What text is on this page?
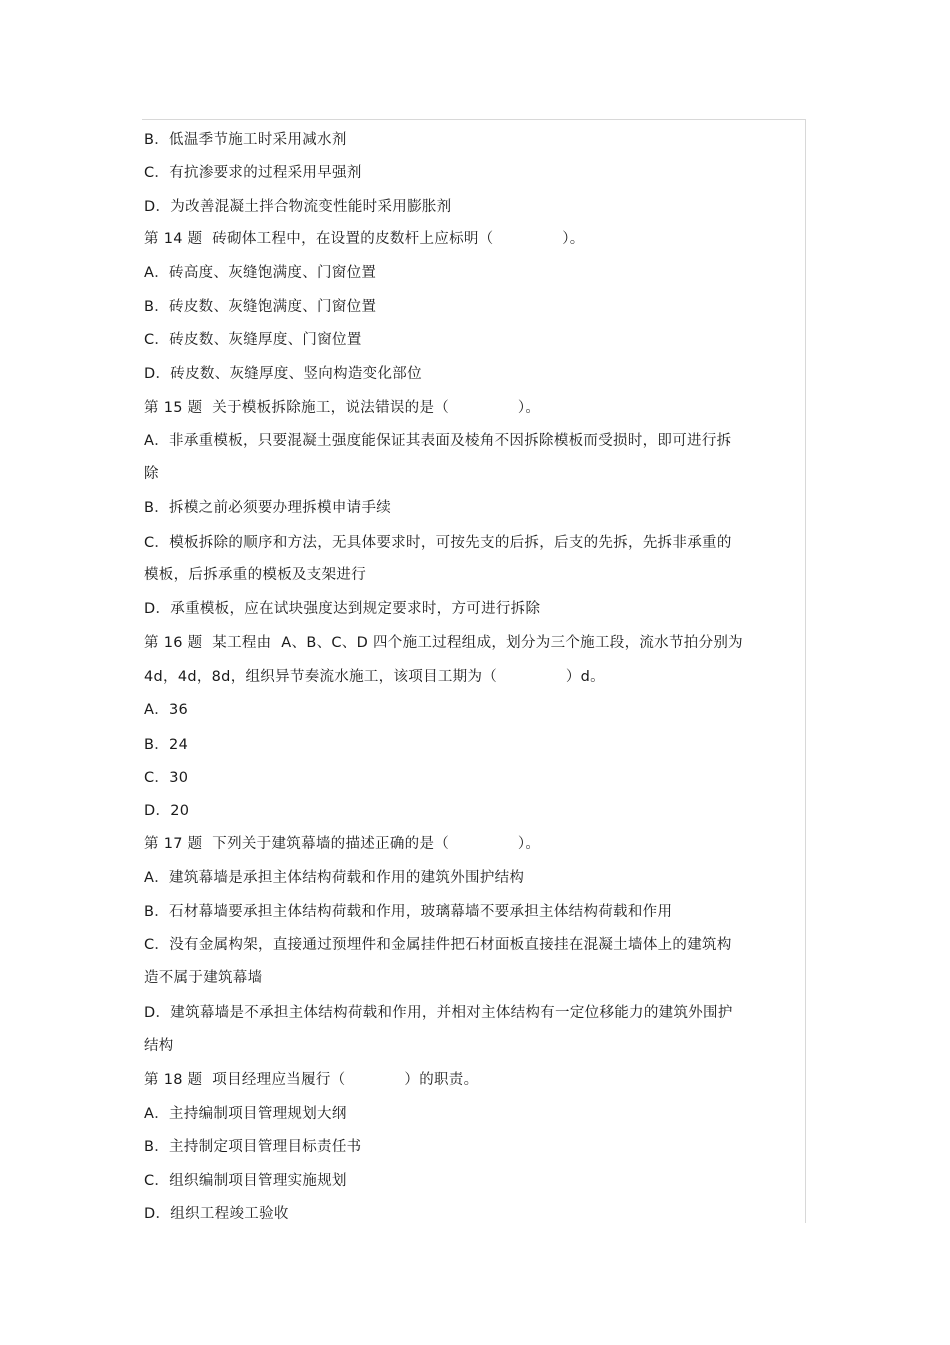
B．低温季节施工时采用减水剂
C．有抗渗要求的过程采用早强剂
D．为改善混凝土拌合物流变性能时采用膨胀剂
第 14 题  砖砌体工程中，在设置的皮数杆上应标明（              ）。
A．砖高度、灰缝饱满度、门窗位置
B．砖皮数、灰缝饱满度、门窗位置
C．砖皮数、灰缝厚度、门窗位置
D．砖皮数、灰缝厚度、竖向构造变化部位
第 15 题  关于模板拆除施工，说法错误的是（              ）。
A．非承重模板，只要混凝土强度能保证其表面及棱角不因拆除模板而受损时，即可进行拆
除
B．拆模之前必须要办理拆模申请手续
C．模板拆除的顺序和方法，无具体要求时，可按先支的后拆，后支的先拆，先拆非承重的
模板，后拆承重的模板及支架进行
D．承重模板，应在试块强度达到规定要求时，方可进行拆除
第 16 题  某工程由  A、B、C、D 四个施工过程组成，划分为三个施工段，流水节拍分别为
4d，4d，8d，组织异节奏流水施工，该项目工期为（              ）d。
A．36
B．24
C．30
D．20
第 17 题  下列关于建筑幕墙的描述正确的是（              ）。
A．建筑幕墙是承担主体结构荷载和作用的建筑外围护结构
B．石材幕墙要承担主体结构荷载和作用，玻璃幕墙不要承担主体结构荷载和作用
C．没有金属构架，直接通过预埋件和金属挂件把石材面板直接挂在混凝土墙体上的建筑构
造不属于建筑幕墙
D．建筑幕墙是不承担主体结构荷载和作用，并相对主体结构有一定位移能力的建筑外围护
结构
第 18 题  项目经理应当履行（            ）的职责。
A．主持编制项目管理规划大纲
B．主持制定项目管理目标责任书
C．组织编制项目管理实施规划
D．组织工程竣工验收
